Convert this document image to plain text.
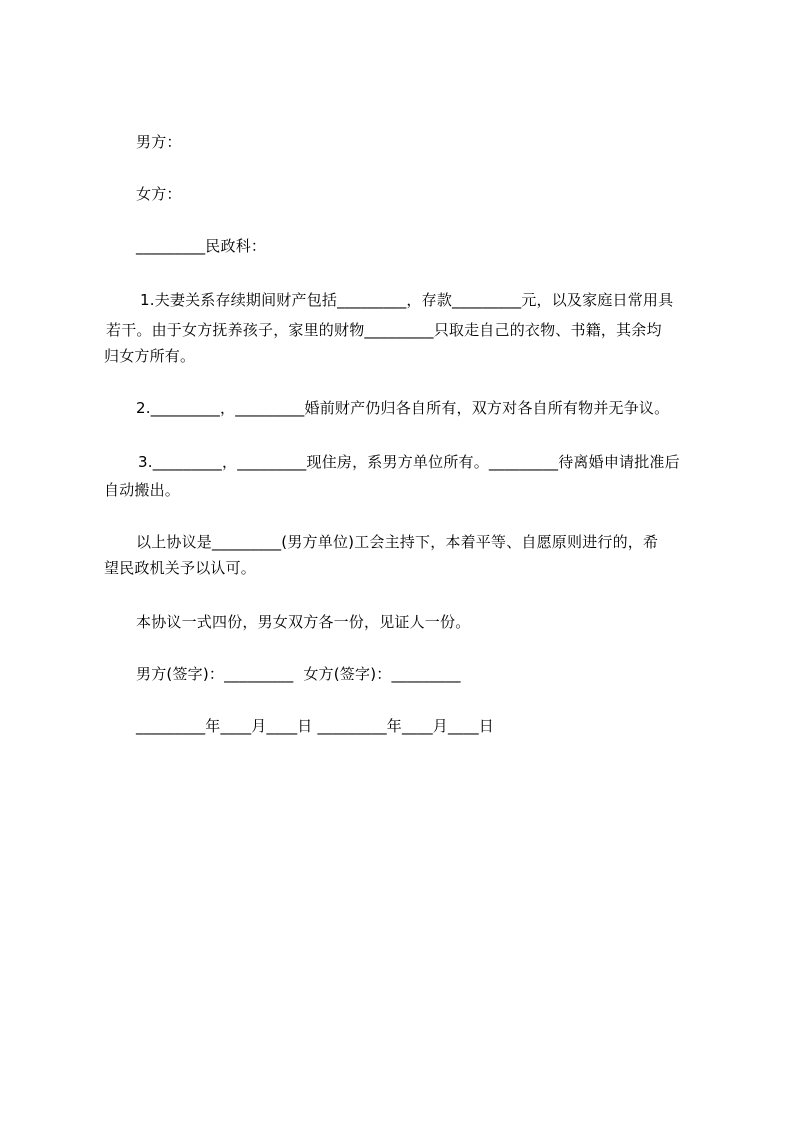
男方：
女方：
_________民政科：
1.夫妻关系存续期间财产包括_________，存款_________元，以及家庭日常用具
若干。由于女方抚养孩子，家里的财物_________只取走自己的衣物、书籍，其余均
归女方所有。
2._________，_________婚前财产仍归各自所有，双方对各自所有物并无争议。
3._________，_________现住房，系男方单位所有。_________待离婚申请批准后
自动搬出。
以上协议是_________(男方单位)工会主持下，本着平等、自愿原则进行的，希
望民政机关予以认可。
本协议一式四份，男女双方各一份，见证人一份。
男方(签字)：_________  女方(签字)：_________
_________年____月____日 _________年____月____日
